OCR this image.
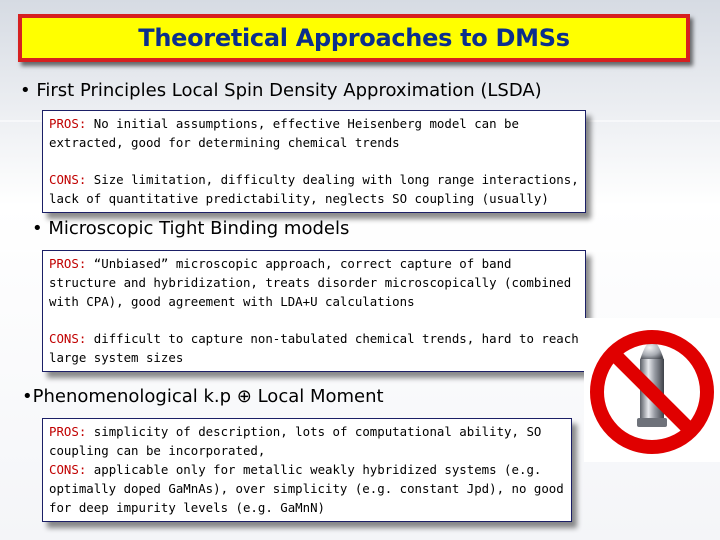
Theoretical Approaches to DMSs
• First Principles Local Spin Density Approximation (LSDA)

PROS: No initial assumptions, effective Heisenberg model can be extracted, good for determining chemical trends

CONS: Size limitation, difficulty dealing with long range interactions, lack of quantitative predictability, neglects SO coupling (usually)

• Microscopic Tight Binding models

PROS: “Unbiased” microscopic approach, correct capture of band structure and hybridization, treats disorder microscopically (combined with CPA), good agreement with LDA+U calculations

CONS: difficult to capture non-tabulated chemical trends, hard to reach large system sizes

•Phenomenological k.p ⊕ Local Moment

PROS: simplicity of description, lots of computational ability, SO coupling can be incorporated,

CONS: applicable only for metallic weakly hybridized systems (e.g. optimally doped GaMnAs), over simplicity (e.g. constant Jpd), no good for deep impurity levels (e.g. GaMnN)
